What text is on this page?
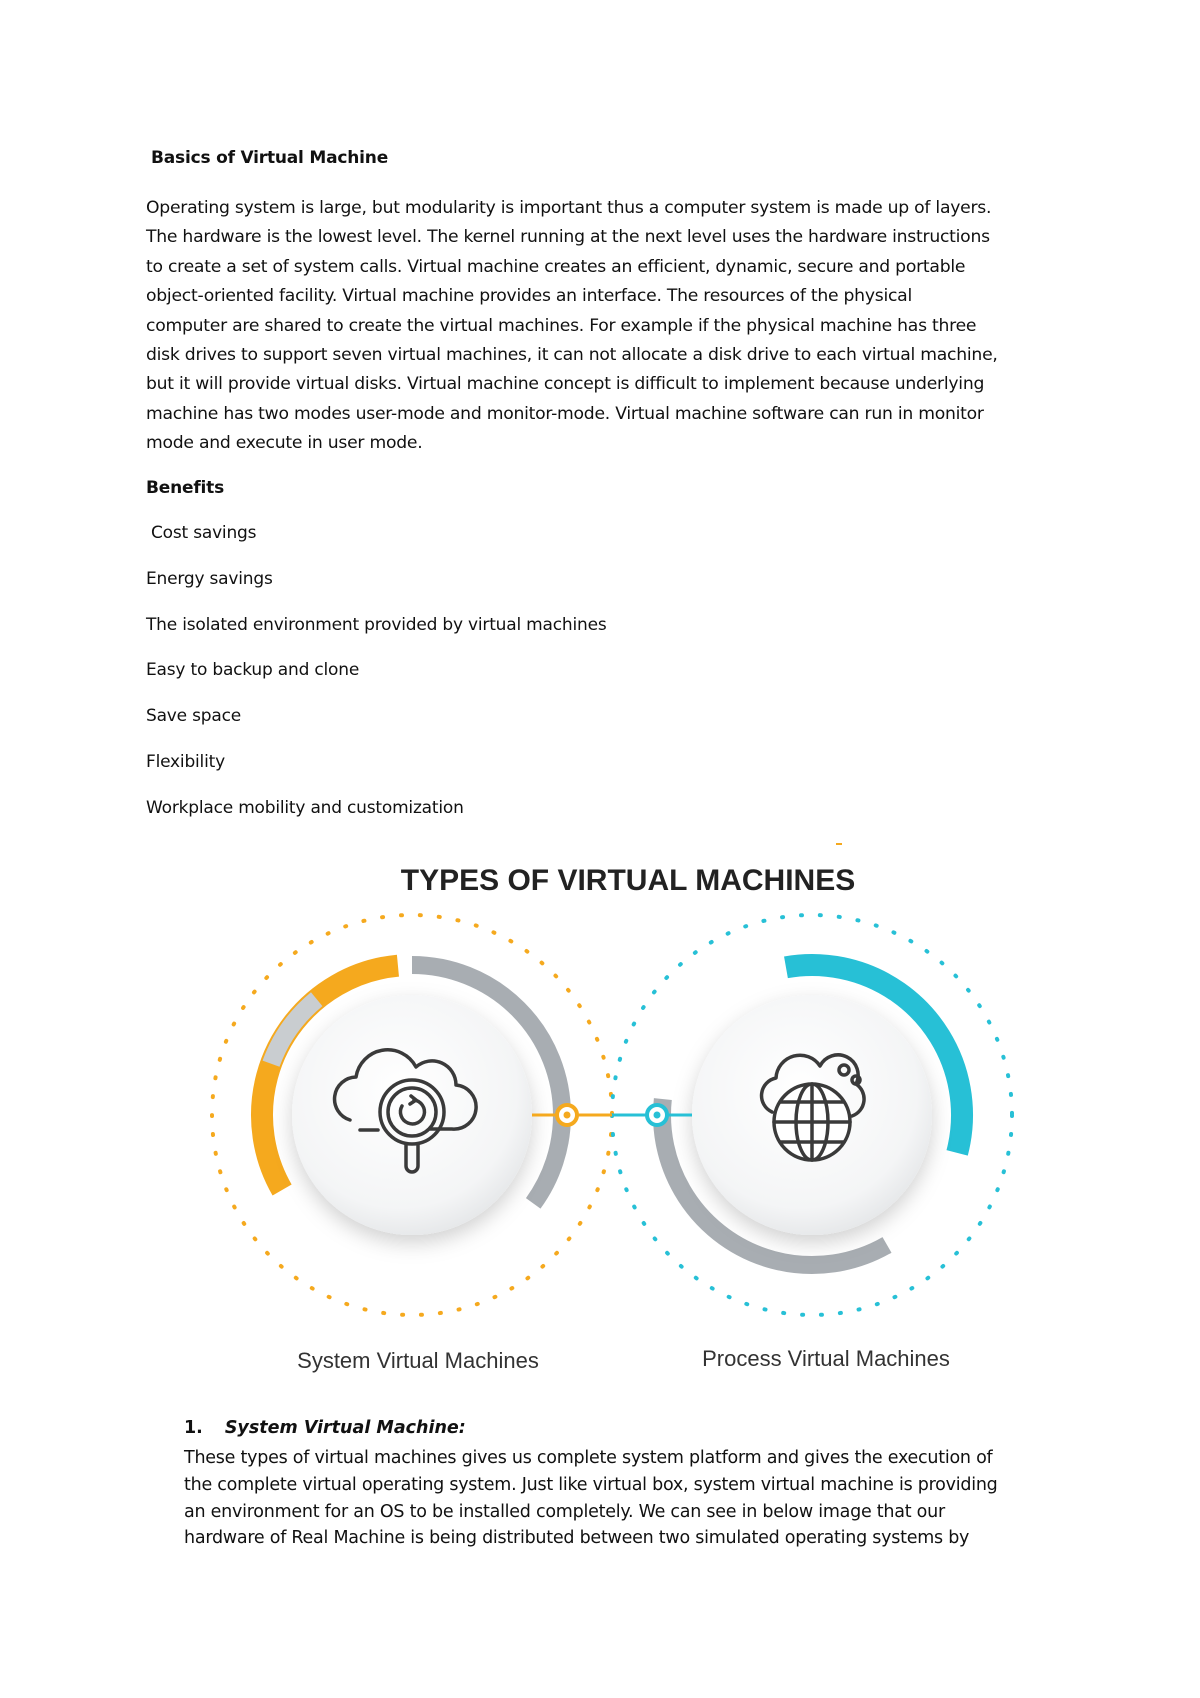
Basics of Virtual Machine
Operating system is large, but modularity is important thus a computer system is made up of layers.
The hardware is the lowest level. The kernel running at the next level uses the hardware instructions
to create a set of system calls. Virtual machine creates an efficient, dynamic, secure and portable
object-oriented facility. Virtual machine provides an interface. The resources of the physical
computer are shared to create the virtual machines. For example if the physical machine has three
disk drives to support seven virtual machines, it can not allocate a disk drive to each virtual machine,
but it will provide virtual disks. Virtual machine concept is difficult to implement because underlying
machine has two modes user-mode and monitor-mode. Virtual machine software can run in monitor
mode and execute in user mode.
Benefits
Cost savings
Energy savings
The isolated environment provided by virtual machines
Easy to backup and clone
Save space
Flexibility
Workplace mobility and customization
TYPES OF VIRTUAL MACHINES
System Virtual Machines	Process Virtual Machines
1. System Virtual Machine:
These types of virtual machines gives us complete system platform and gives the execution of
the complete virtual operating system. Just like virtual box, system virtual machine is providing
an environment for an OS to be installed completely. We can see in below image that our
hardware of Real Machine is being distributed between two simulated operating systems by
